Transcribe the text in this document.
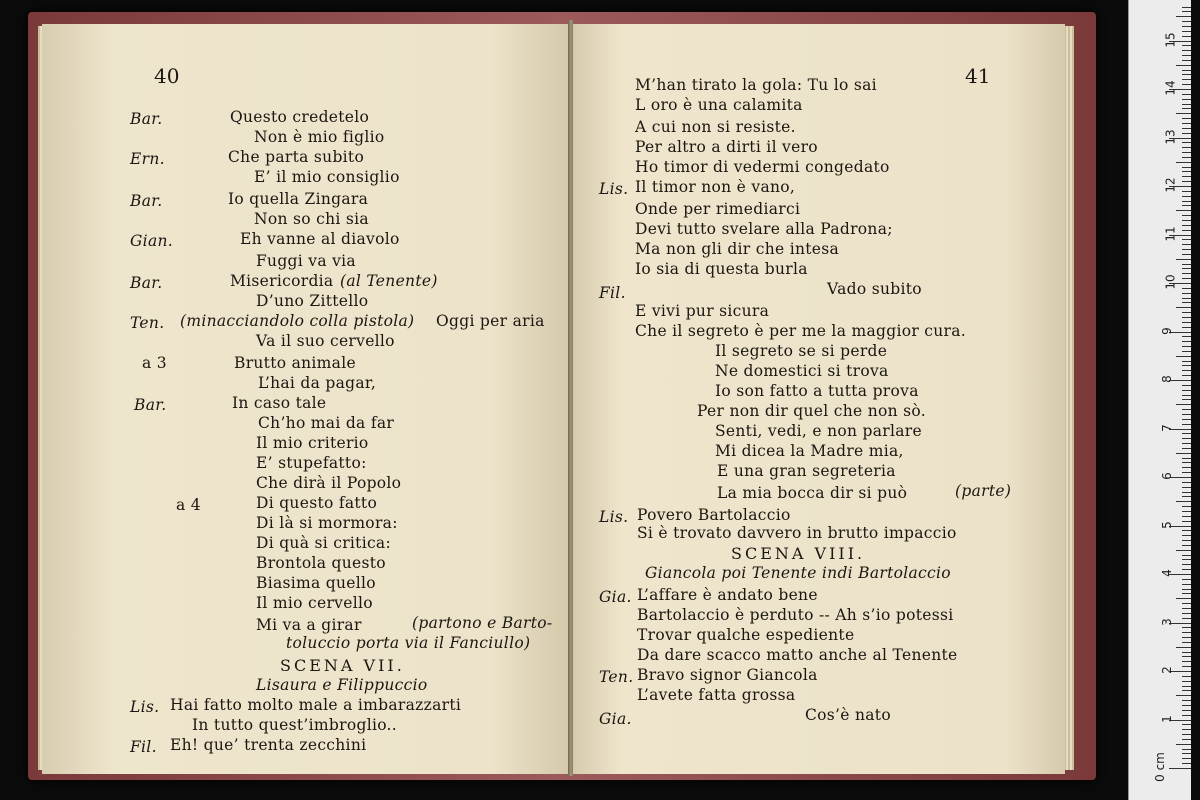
40
Bar.	Questo credetelo
Non è mio figlio
Ern.	Che parta subito
E’ il mio consiglio
Bar.	Io quella Zingara
Non so chi sia
Gian.	Eh vanne al diavolo
Fuggi va via
Bar.	Misericordia (al Tenente)
D’uno Zittello
Ten. (minacciandolo colla pistola) Oggi per aria
Va il suo cervello
a 3	Brutto animale
L’hai da pagar,
Bar.	In caso tale
Ch’ho mai da far
Il mio criterio
E’ stupefatto:
Che dirà il Popolo
a 4	Di questo fatto
Di là si mormora:
Di quà si critica:
Brontola questo
Biasima quello
Il mio cervello
Mi va a girar	(partono e Barto-
toluccio porta via il Fanciullo)
SCENA VII.
Lisaura e Filippuccio
Lis. Hai fatto molto male a imbarazzarti
In tutto quest’imbroglio..
Fil. Eh! que’ trenta zecchini
41
M’han tirato la gola: Tu lo sai
L oro è una calamita
A cui non si resiste.
Per altro a dirti il vero
Ho timor di vedermi congedato
Lis. Il timor non è vano,
Onde per rimediarci
Devi tutto svelare alla Padrona;
Ma non gli dir che intesa
Io sia di questa burla
Fil.	Vado subito
E vivi pur sicura
Che il segreto è per me la maggior cura.
Il segreto se si perde
Ne domestici si trova
Io son fatto a tutta prova
Per non dir quel che non sò.
Senti, vedi, e non parlare
Mi dicea la Madre mia,
E una gran segreteria
La mia bocca dir si può	(parte)
Lis. Povero Bartolaccio
Si è trovato davvero in brutto impaccio
SCENA VIII.
Giancola poi Tenente indi Bartolaccio
Gia. L’affare è andato bene
Bartolaccio è perduto -- Ah s’io potessi
Trovar qualche espediente
Da dare scacco matto anche al Tenente
Ten. Bravo signor Giancola
L’avete fatta grossa
Gia.	Cos’è nato
0 cm
1
2
3
4
5
6
7
8
9
10
11
12
13
14
15
